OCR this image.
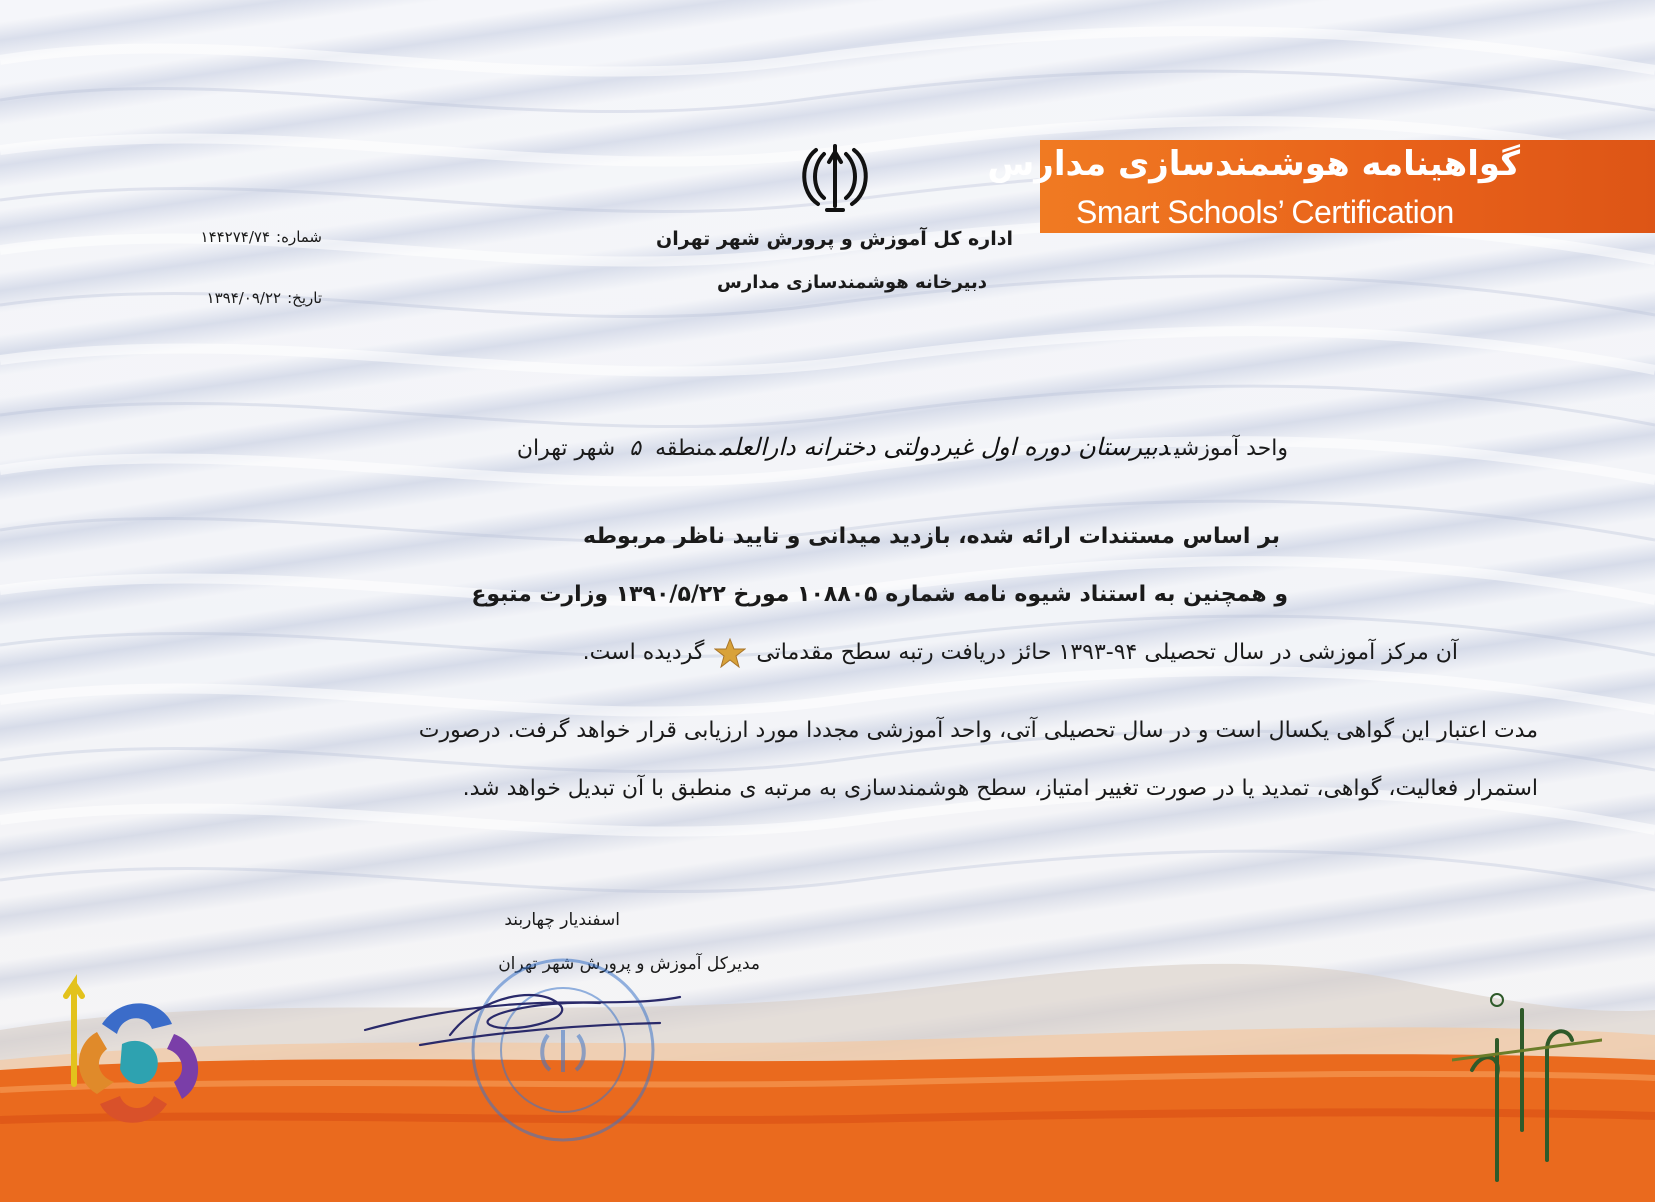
گواهینامه هوشمندسازی مدارس
Smart Schools’ Certification
اداره کل آموزش و پرورش شهر تهران
دبیرخانه هوشمندسازی مدارس
شماره:۱۴۴۲۷۴/۷۴
تاریخ:۱۳۹۴/۰۹/۲۲
واحد آموزشیدبیرستان دوره اول غیردولتی دخترانه دارالعلممنطقه۵شهر تهران
بر اساس مستندات ارائه شده، بازدید میدانی و تایید ناظر مربوطه
و همچنین به استناد شیوه نامه شماره ۱۰۸۸۰۵ مورخ ۱۳۹۰/۵/۲۲ وزارت متبوع
آن مرکز آموزشی در سال تحصیلی ۹۴-۱۳۹۳ حائز دریافت رتبه سطح مقدماتیگردیده است.
مدت اعتبار این گواهی یکسال است و در سال تحصیلی آتی، واحد آموزشی مجددا مورد ارزیابی قرار خواهد گرفت. درصورت
استمرار فعالیت، گواهی، تمدید یا در صورت تغییر امتیاز، سطح هوشمندسازی به مرتبه ی منطبق با آن تبدیل خواهد شد.
اسفندیار چهاربند
مدیرکل آموزش و پرورش شهر تهران
